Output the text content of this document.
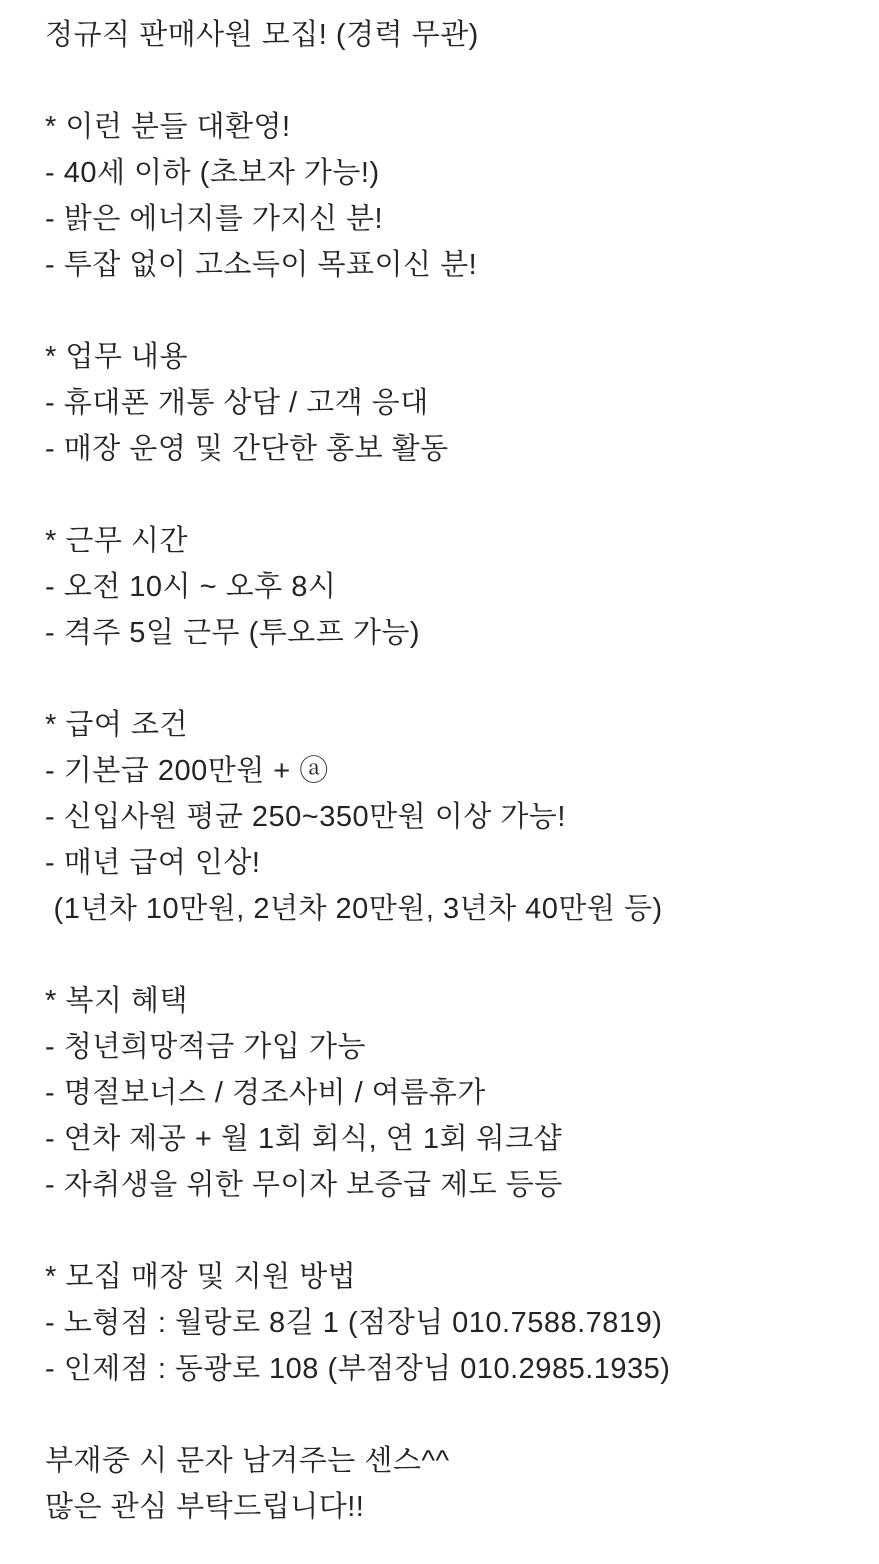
정규직 판매사원 모집! (경력 무관)

* 이런 분들 대환영!

- 40세 이하 (초보자 가능!)

- 밝은 에너지를 가지신 분!

- 투잡 없이 고소득이 목표이신 분!

* 업무 내용

- 휴대폰 개통 상담 / 고객 응대

- 매장 운영 및 간단한 홍보 활동

* 근무 시간

- 오전 10시 ~ 오후 8시

- 격주 5일 근무 (투오프 가능)

* 급여 조건

- 기본급 200만원 + ⓐ

- 신입사원 평균 250~350만원 이상 가능!

- 매년 급여 인상!

(1년차 10만원, 2년차 20만원, 3년차 40만원 등)

* 복지 혜택

- 청년희망적금 가입 가능

- 명절보너스 / 경조사비 / 여름휴가

- 연차 제공 + 월 1회 회식, 연 1회 워크샵

- 자취생을 위한 무이자 보증급 제도 등등

* 모집 매장 및 지원 방법

- 노형점 : 월랑로 8길 1 (점장님 010.7588.7819)

- 인제점 : 동광로 108 (부점장님 010.2985.1935)

부재중 시 문자 남겨주는 센스^^

많은 관심 부탁드립니다!!
